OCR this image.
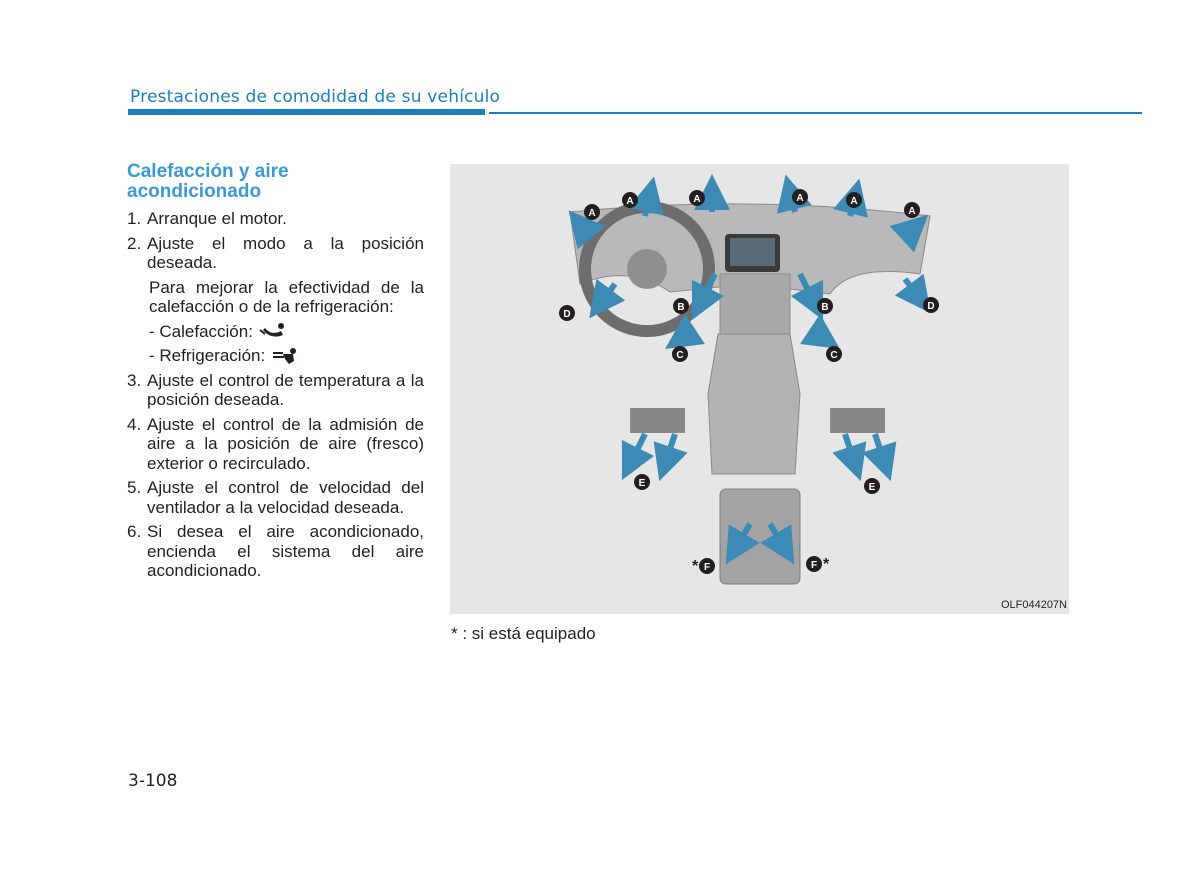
Prestaciones de comodidad de su vehículo
Calefacción y aire acondicionado
1. Arranque el motor.
2. Ajuste el modo a la posición deseada.
Para mejorar la efectividad de la calefacción o de la refrigeración:
- Calefacción:
- Refrigeración:
3. Ajuste el control de temperatura a la posición deseada.
4. Ajuste el control de la admisión de aire a la posición de aire (fresco) exterior o recirculado.
5. Ajuste el control de velocidad del ventilador a la velocidad deseada.
6. Si desea el aire acondicionado, encienda el sistema del aire acondicionado.
A	A	A	A
A	A
B	B
C	C
D
D
E	E
F	F
*	*
OLF044207N
* : si está equipado
3-108
